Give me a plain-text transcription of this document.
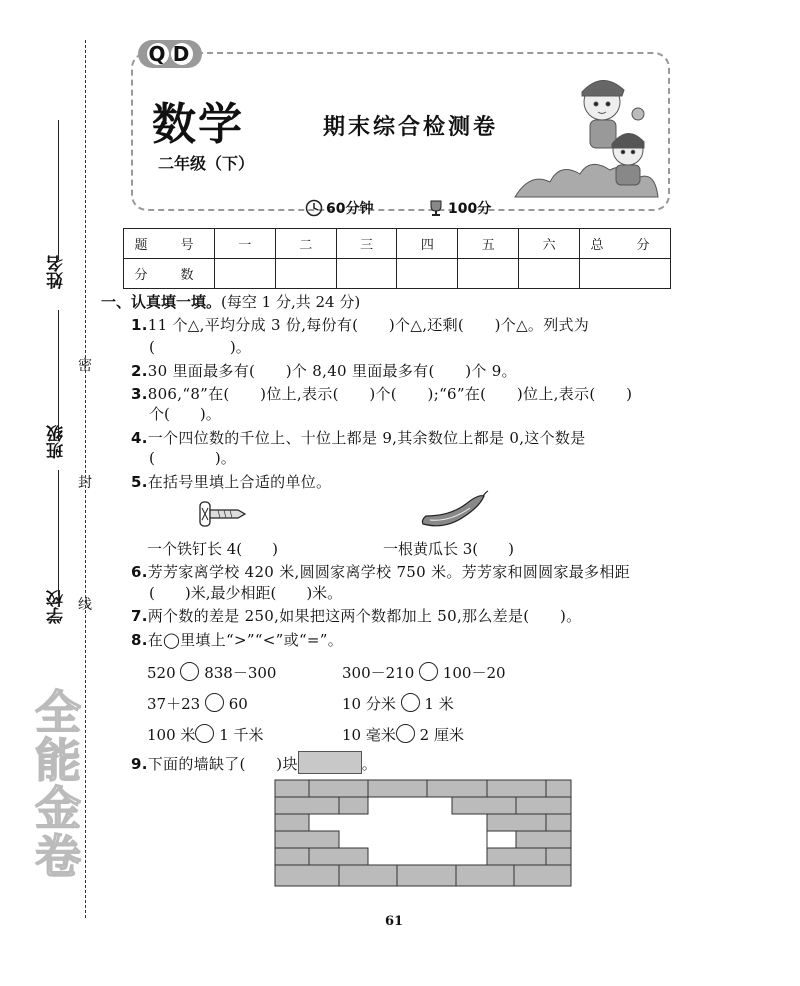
姓名
班级
学校
密
封
线
全能金卷
Q D
数学	期末综合检测卷
二年级（下）
60分钟	100分
题　号	一	二	三	四	五	六	总　分
分　数							
一、认真填一填。(每空 1 分,共 24 分)
1.11 个△,平均分成 3 份,每份有(　　)个△,还剩(　　)个△。列式为
(　　　　　)。
2.30 里面最多有(　　)个 8,40 里面最多有(　　)个 9。
3.806,“8”在(　　)位上,表示(　　)个(　　);“6”在(　　)位上,表示(　　)
个(　　)。
4.一个四位数的千位上、十位上都是 9,其余数位上都是 0,这个数是
(　　　　)。
5.在括号里填上合适的单位。
一个铁钉长 4(　　)	一根黄瓜长 3(　　)
6.芳芳家离学校 420 米,圆圆家离学校 750 米。芳芳家和圆圆家最多相距
(　　)米,最少相距(　　)米。
7.两个数的差是 250,如果把这两个数都加上 50,那么差是(　　)。
8.在◯里填上“>”“<”或“=”。
520 838－300	300－210 100－20
37＋23 60	10 分米 1 米
100 米 1 千米	10 毫米 2 厘米
9.下面的墙缺了(　　)块	。
61
